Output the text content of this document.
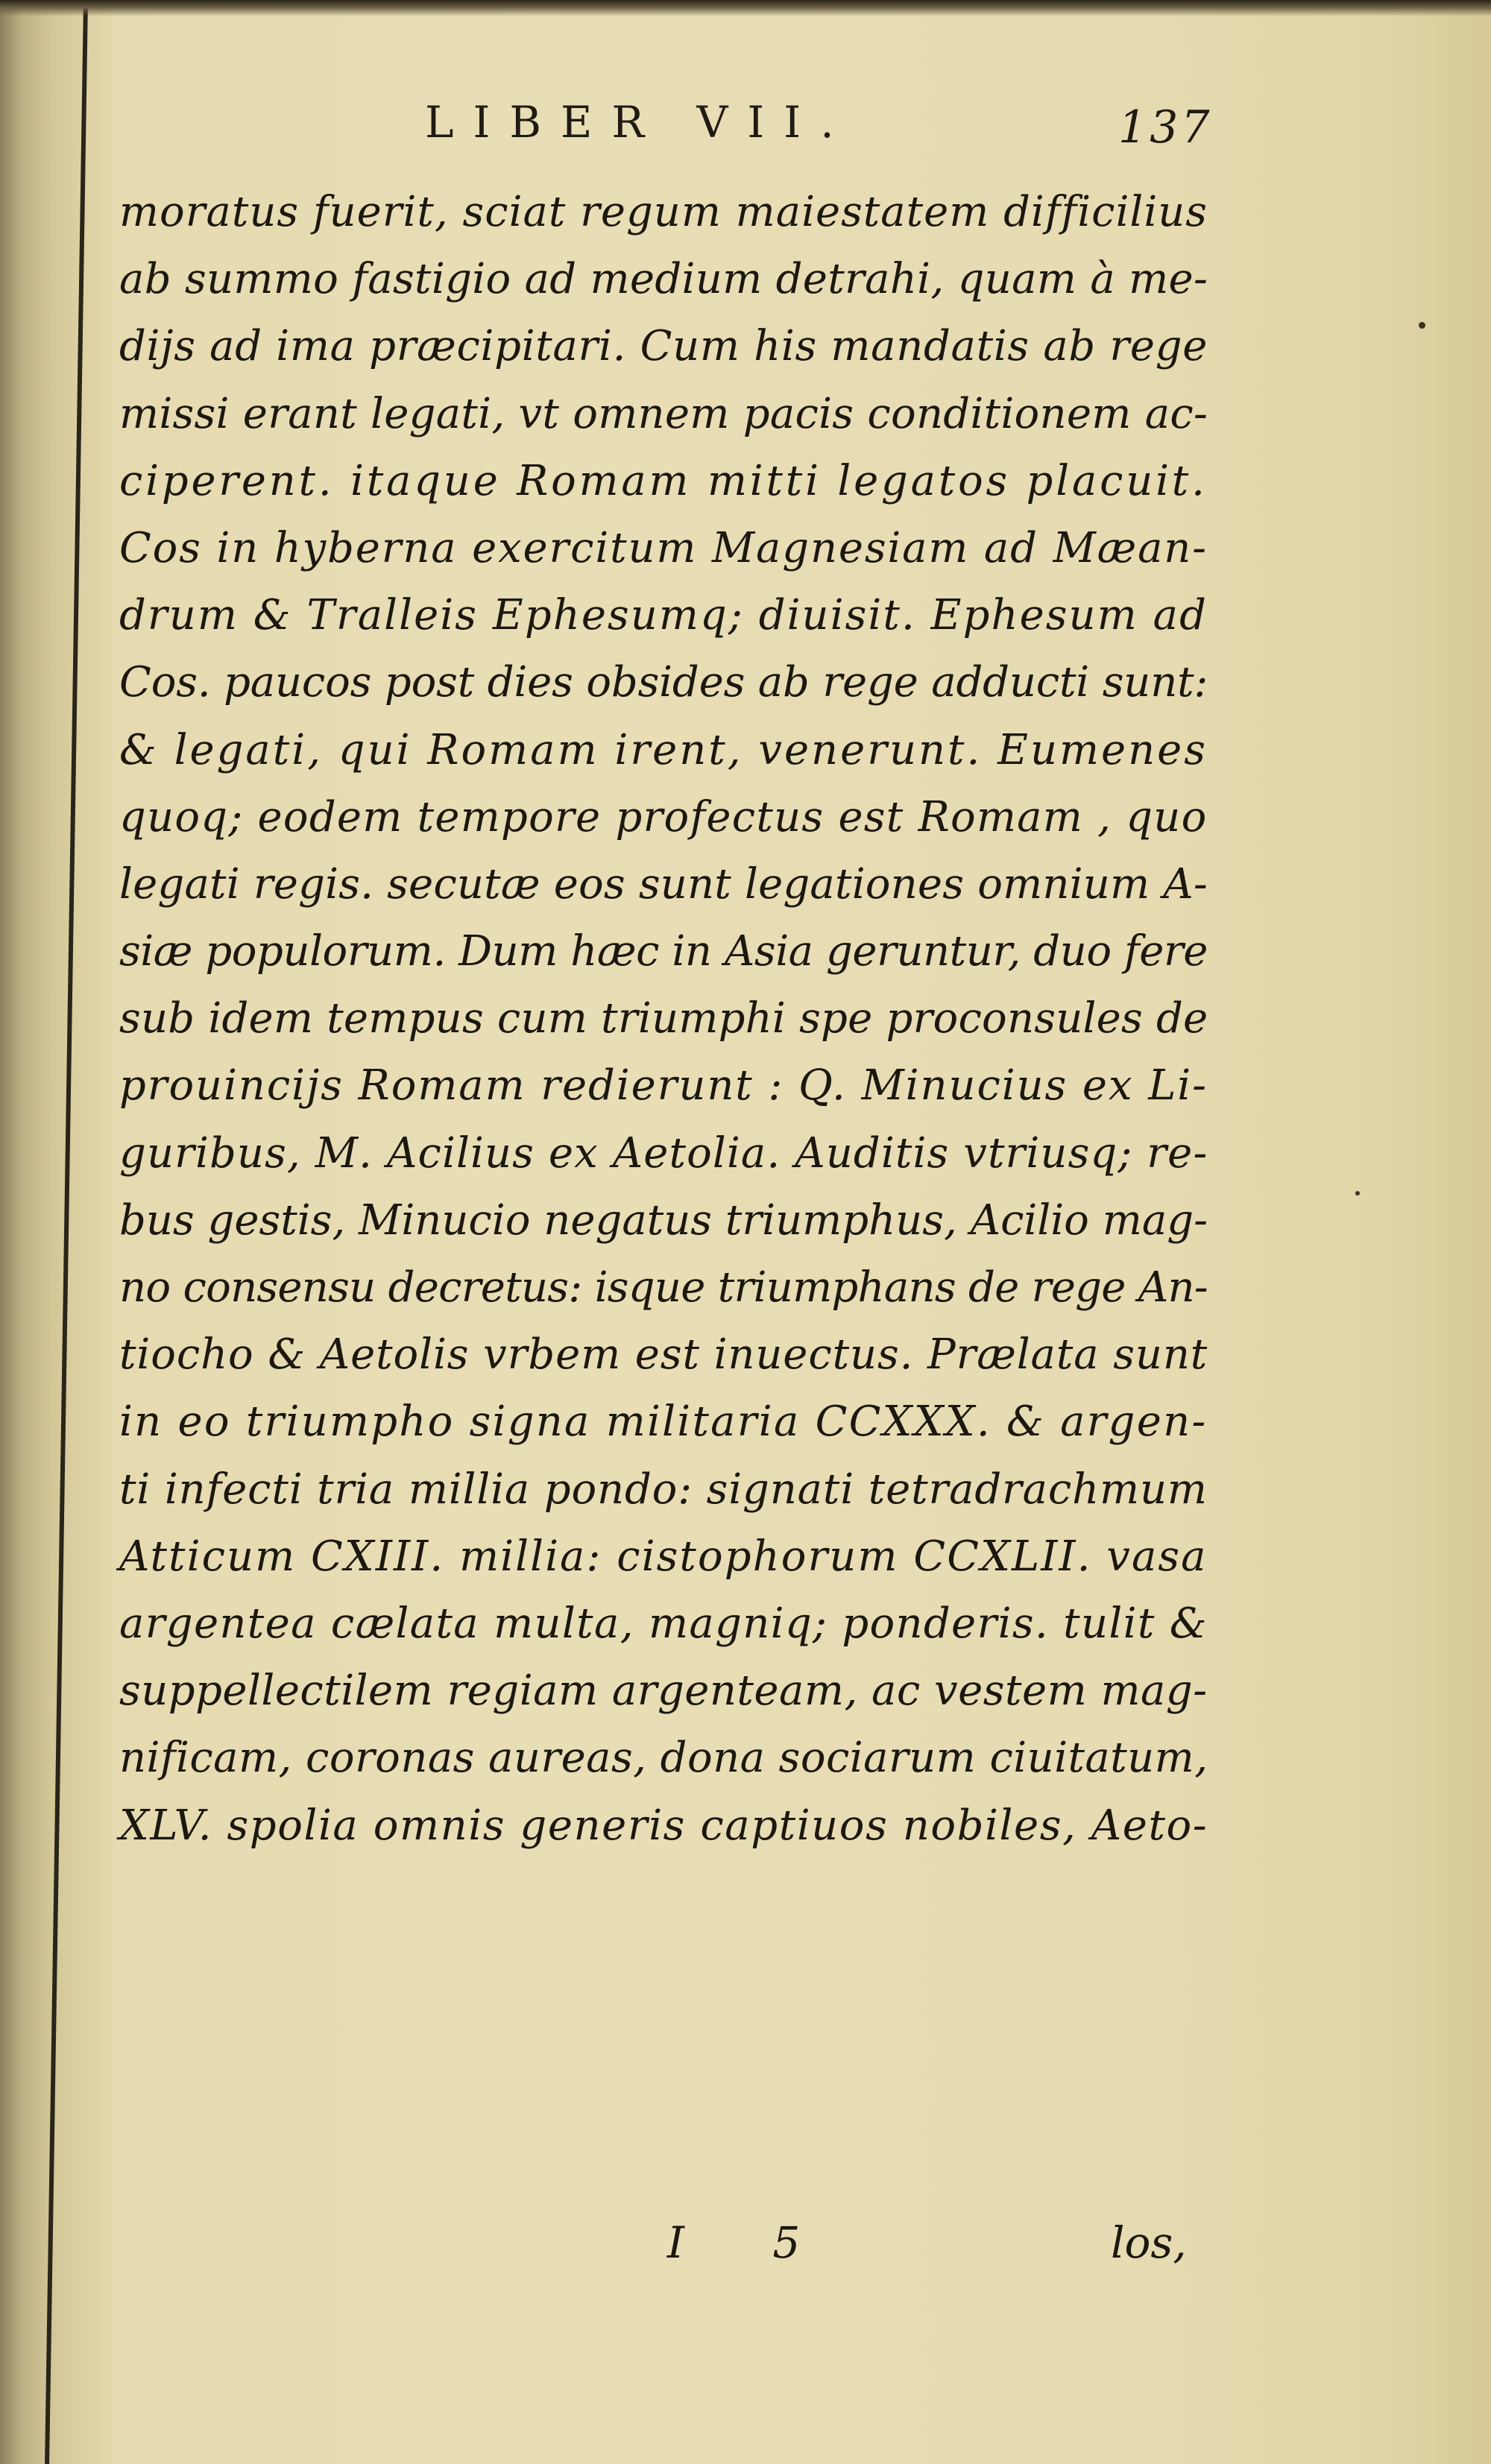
LIBER VII.	137
moratus fuerit, sciat regum maiestatem difficilius
ab summo fastigio ad medium detrahi, quam à me-
dijs ad ima præcipitari. Cum his mandatis ab rege
missi erant legati, vt omnem pacis conditionem ac-
ciperent. itaque Romam mitti legatos placuit.
Cos in hyberna exercitum Magnesiam ad Mæan-
drum & Tralleis Ephesumq; diuisit. Ephesum ad
Cos. paucos post dies obsides ab rege adducti sunt:
& legati, qui Romam irent, venerunt. Eumenes
quoq; eodem tempore profectus est Romam , quo
legati regis. secutæ eos sunt legationes omnium A-
siæ populorum. Dum hæc in Asia geruntur, duo fere
sub idem tempus cum triumphi spe proconsules de
prouincijs Romam redierunt : Q. Minucius ex Li-
guribus, M. Acilius ex Aetolia. Auditis vtriusq; re-
bus gestis, Minucio negatus triumphus, Acilio mag-
no consensu decretus: isque triumphans de rege An-
tiocho & Aetolis vrbem est inuectus. Prælata sunt
in eo triumpho signa militaria CCXXX. & argen-
ti infecti tria millia pondo: signati tetradrachmum
Atticum CXIII. millia: cistophorum CCXLII. vasa
argentea cælata multa, magniq; ponderis. tulit &
suppellectilem regiam argenteam, ac vestem mag-
nificam, coronas aureas, dona sociarum ciuitatum,
XLV. spolia omnis generis captiuos nobiles, Aeto-
I 5	los,
